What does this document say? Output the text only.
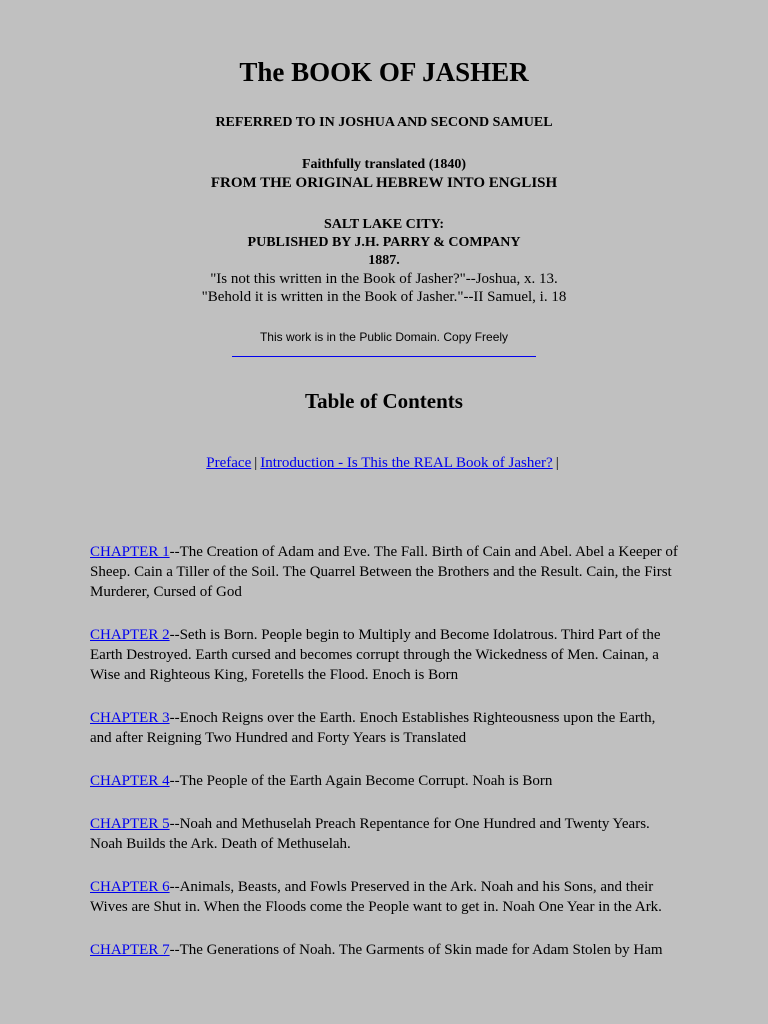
The BOOK OF JASHER
REFERRED TO IN JOSHUA AND SECOND SAMUEL
Faithfully translated (1840)
FROM THE ORIGINAL HEBREW INTO ENGLISH
SALT LAKE CITY:
PUBLISHED BY J.H. PARRY & COMPANY
1887.
"Is not this written in the Book of Jasher?"--Joshua, x. 13.
"Behold it is written in the Book of Jasher."--II Samuel, i. 18
This work is in the Public Domain. Copy Freely
Table of Contents
Preface | Introduction - Is This the REAL Book of Jasher? |
CHAPTER 1--The Creation of Adam and Eve. The Fall. Birth of Cain and Abel. Abel a Keeper of Sheep. Cain a Tiller of the Soil. The Quarrel Between the Brothers and the Result. Cain, the First Murderer, Cursed of God
CHAPTER 2--Seth is Born. People begin to Multiply and Become Idolatrous. Third Part of the Earth Destroyed. Earth cursed and becomes corrupt through the Wickedness of Men. Cainan, a Wise and Righteous King, Foretells the Flood. Enoch is Born
CHAPTER 3--Enoch Reigns over the Earth. Enoch Establishes Righteousness upon the Earth, and after Reigning Two Hundred and Forty Years is Translated
CHAPTER 4--The People of the Earth Again Become Corrupt. Noah is Born
CHAPTER 5--Noah and Methuselah Preach Repentance for One Hundred and Twenty Years. Noah Builds the Ark. Death of Methuselah.
CHAPTER 6--Animals, Beasts, and Fowls Preserved in the Ark. Noah and his Sons, and their Wives are Shut in. When the Floods come the People want to get in. Noah One Year in the Ark.
CHAPTER 7--The Generations of Noah. The Garments of Skin made for Adam Stolen by Ham
